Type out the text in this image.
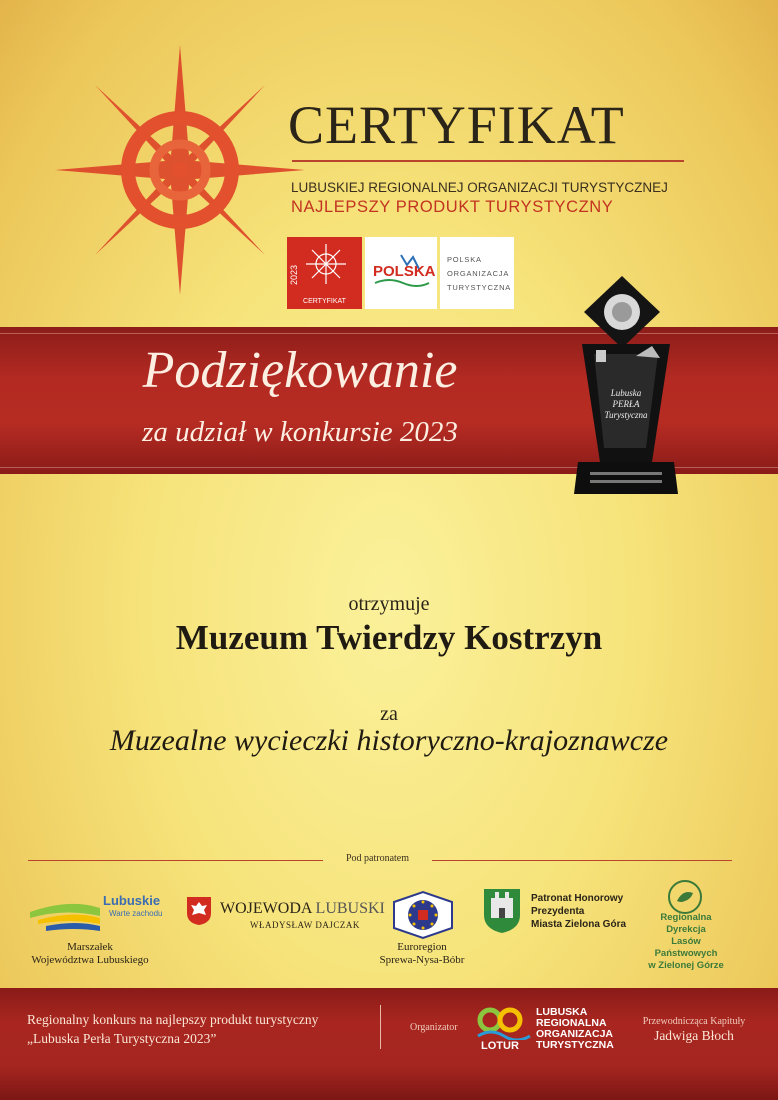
CERTYFIKAT
LUBUSKIEJ REGIONALNEJ ORGANIZACJI TURYSTYCZNEJ
NAJLEPSZY PRODUKT TURYSTYCZNY
2023
CERTYFIKAT
POLSKA
POLSKA
ORGANIZACJA
TURYSTYCZNA
Podziękowanie
za udział w konkursie 2023
Lubuska
PERŁA
Turystyczna
otrzymuje
Muzeum Twierdzy Kostrzyn
za
Muzealne wycieczki historyczno-krajoznawcze
Pod patronatem
Lubuskie
Warte zachodu
Marszałek
Województwa Lubuskiego
WOJEWODA LUBUSKI
WŁADYSŁAW DAJCZAK
Euroregion
Sprewa-Nysa-Bóbr
Patronat Honorowy
Prezydenta
Miasta Zielona Góra
Regionalna Dyrekcja
Lasów Państwowych
w Zielonej Górze
Regionalny konkurs na najlepszy produkt turystyczny
„Lubuska Perła Turystyczna 2023”
Organizator
LOTUR
LUBUSKA
REGIONALNA
ORGANIZACJA
TURYSTYCZNA
Przewodnicząca Kapituły
Jadwiga Błoch
